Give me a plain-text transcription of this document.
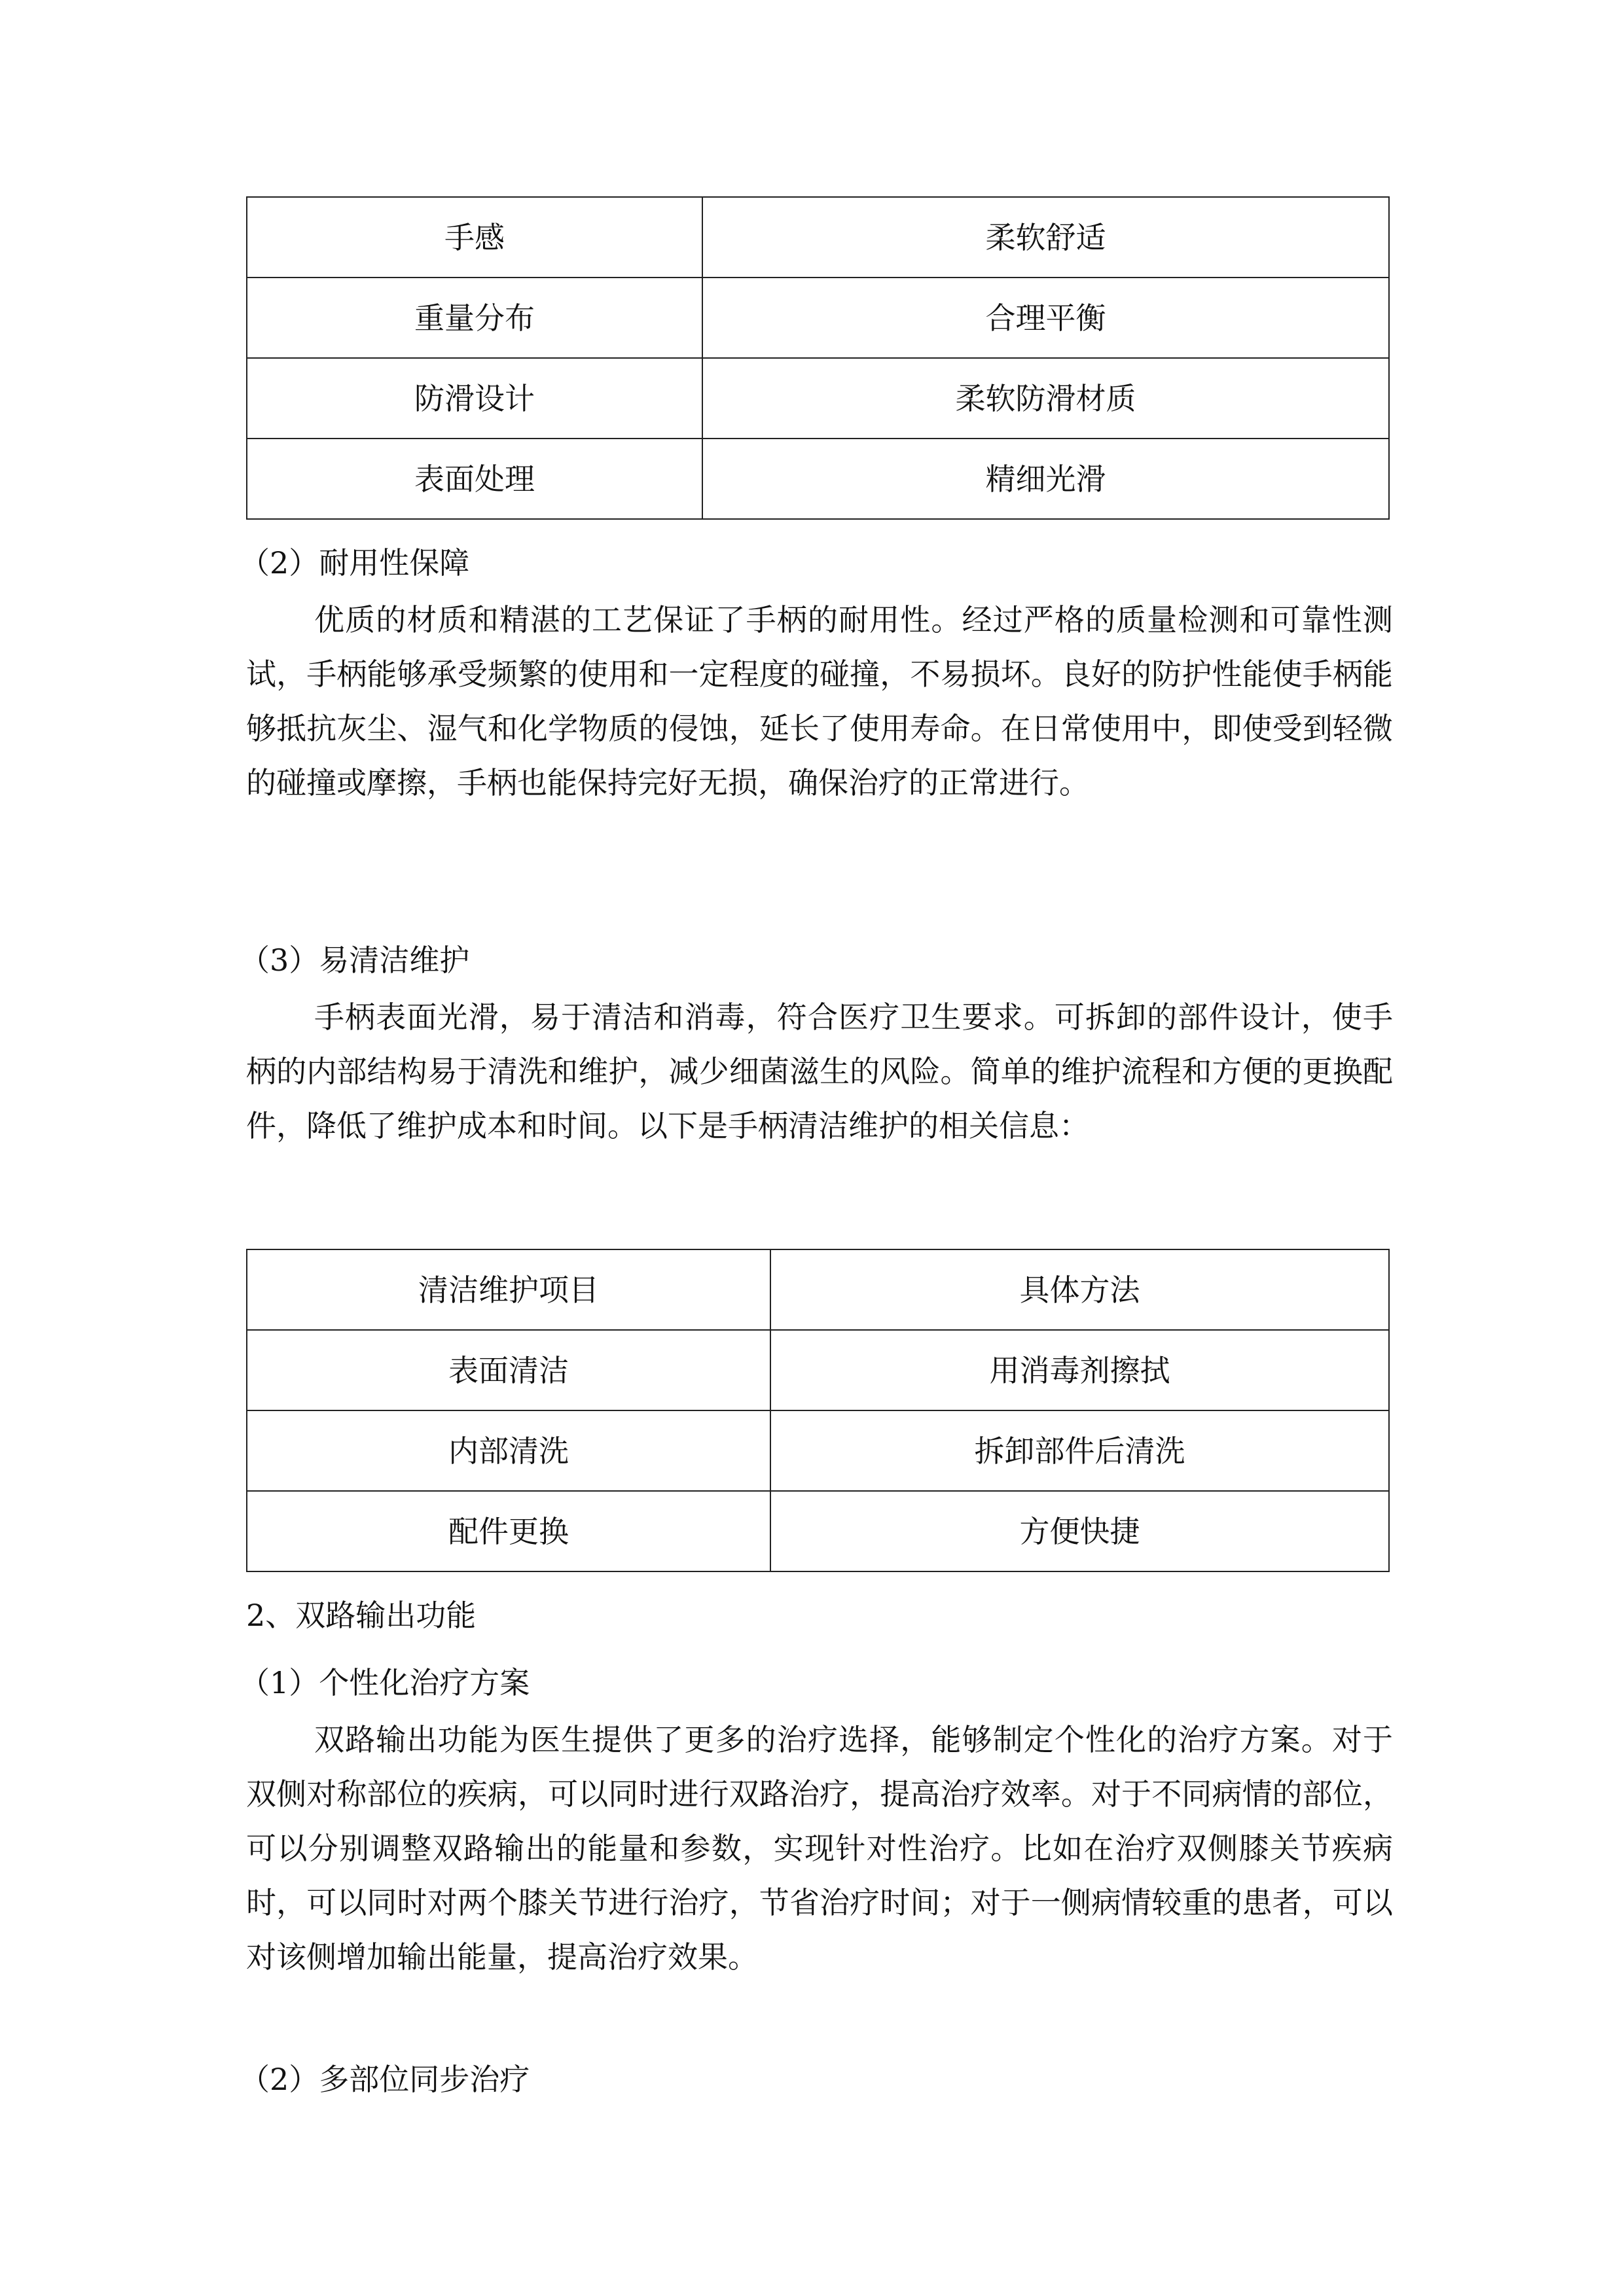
手感	柔软舒适
重量分布	合理平衡
防滑设计	柔软防滑材质
表面处理	精细光滑

（2）耐用性保障

优质的材质和精湛的工艺保证了手柄的耐用性。经过严格的质量检测和可靠性测试，手柄能够承受频繁的使用和一定程度的碰撞，不易损坏。良好的防护性能使手柄能够抵抗灰尘、湿气和化学物质的侵蚀，延长了使用寿命。在日常使用中，即使受到轻微的碰撞或摩擦，手柄也能保持完好无损，确保治疗的正常进行。

（3）易清洁维护

手柄表面光滑，易于清洁和消毒，符合医疗卫生要求。可拆卸的部件设计，使手柄的内部结构易于清洗和维护，减少细菌滋生的风险。简单的维护流程和方便的更换配件，降低了维护成本和时间。以下是手柄清洁维护的相关信息：

清洁维护项目	具体方法
表面清洁	用消毒剂擦拭
内部清洗	拆卸部件后清洗
配件更换	方便快捷

2、双路输出功能

（1）个性化治疗方案

双路输出功能为医生提供了更多的治疗选择，能够制定个性化的治疗方案。对于双侧对称部位的疾病，可以同时进行双路治疗，提高治疗效率。对于不同病情的部位，可以分别调整双路输出的能量和参数，实现针对性治疗。比如在治疗双侧膝关节疾病时，可以同时对两个膝关节进行治疗，节省治疗时间；对于一侧病情较重的患者，可以对该侧增加输出能量，提高治疗效果。

（2）多部位同步治疗
